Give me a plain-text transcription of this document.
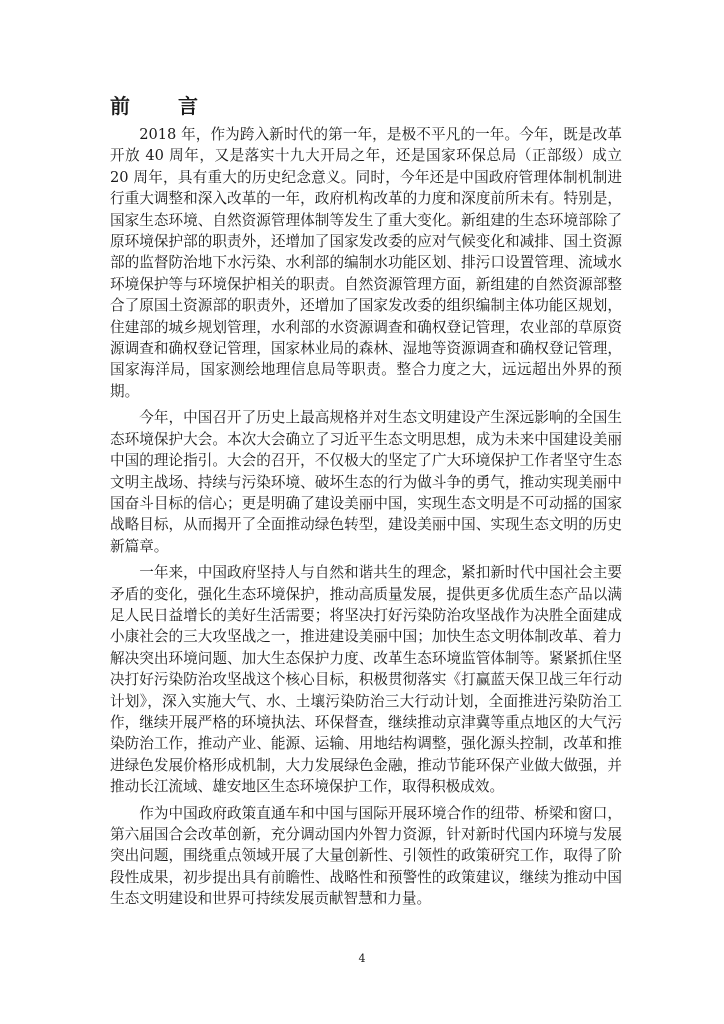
前　言

2018 年，作为跨入新时代的第一年，是极不平凡的一年。今年，既是改革开放 40 周年，又是落实十九大开局之年，还是国家环保总局（正部级）成立 20 周年，具有重大的历史纪念意义。同时，今年还是中国政府管理体制机制进行重大调整和深入改革的一年，政府机构改革的力度和深度前所未有。特别是，国家生态环境、自然资源管理体制等发生了重大变化。新组建的生态环境部除了原环境保护部的职责外，还增加了国家发改委的应对气候变化和减排、国土资源部的监督防治地下水污染、水利部的编制水功能区划、排污口设置管理、流域水环境保护等与环境保护相关的职责。自然资源管理方面，新组建的自然资源部整合了原国土资源部的职责外，还增加了国家发改委的组织编制主体功能区规划，住建部的城乡规划管理，水利部的水资源调查和确权登记管理，农业部的草原资源调查和确权登记管理，国家林业局的森林、湿地等资源调查和确权登记管理，国家海洋局，国家测绘地理信息局等职责。整合力度之大，远远超出外界的预期。

今年，中国召开了历史上最高规格并对生态文明建设产生深远影响的全国生态环境保护大会。本次大会确立了习近平生态文明思想，成为未来中国建设美丽中国的理论指引。大会的召开，不仅极大的坚定了广大环境保护工作者坚守生态文明主战场、持续与污染环境、破坏生态的行为做斗争的勇气，推动实现美丽中国奋斗目标的信心；更是明确了建设美丽中国，实现生态文明是不可动摇的国家战略目标，从而揭开了全面推动绿色转型，建设美丽中国、实现生态文明的历史新篇章。

一年来，中国政府坚持人与自然和谐共生的理念，紧扣新时代中国社会主要矛盾的变化，强化生态环境保护，推动高质量发展，提供更多优质生态产品以满足人民日益增长的美好生活需要；将坚决打好污染防治攻坚战作为决胜全面建成小康社会的三大攻坚战之一，推进建设美丽中国；加快生态文明体制改革、着力解决突出环境问题、加大生态保护力度、改革生态环境监管体制等。紧紧抓住坚决打好污染防治攻坚战这个核心目标，积极贯彻落实《打赢蓝天保卫战三年行动计划》，深入实施大气、水、土壤污染防治三大行动计划，全面推进污染防治工作，继续开展严格的环境执法、环保督查，继续推动京津冀等重点地区的大气污染防治工作，推动产业、能源、运输、用地结构调整，强化源头控制，改革和推进绿色发展价格形成机制，大力发展绿色金融，推动节能环保产业做大做强，并推动长江流域、雄安地区生态环境保护工作，取得积极成效。

作为中国政府政策直通车和中国与国际开展环境合作的纽带、桥梁和窗口，第六届国合会改革创新，充分调动国内外智力资源，针对新时代国内环境与发展突出问题，围绕重点领域开展了大量创新性、引领性的政策研究工作，取得了阶段性成果，初步提出具有前瞻性、战略性和预警性的政策建议，继续为推动中国生态文明建设和世界可持续发展贡献智慧和力量。

4
